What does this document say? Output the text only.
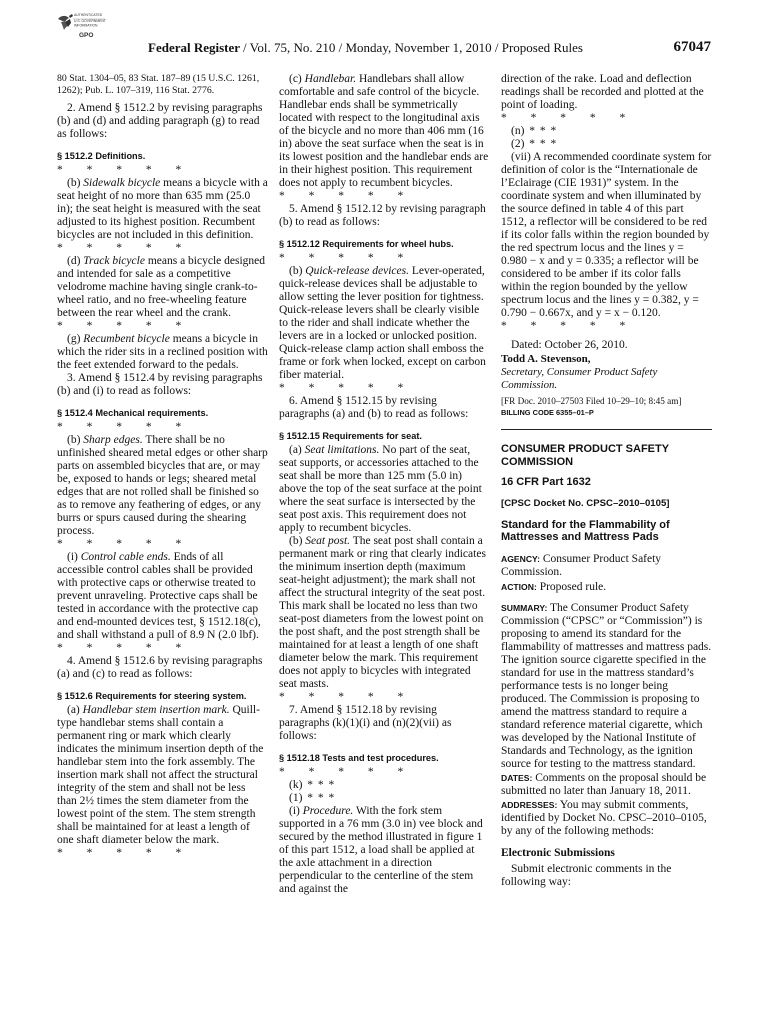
AUTHENTICATED
U.S. GOVERNMENT
INFORMATION
GPO
Federal Register / Vol. 75, No. 210 / Monday, November 1, 2010 / Proposed Rules	67047

80 Stat. 1304–05, 83 Stat. 187–89 (15 U.S.C. 1261, 1262); Pub. L. 107–319, 116 Stat. 2776.

2. Amend § 1512.2 by revising paragraphs (b) and (d) and adding paragraph (g) to read as follows:

§ 1512.2 Definitions.

* * * * *

(b) Sidewalk bicycle means a bicycle with a seat height of no more than 635 mm (25.0 in); the seat height is measured with the seat adjusted to its highest position. Recumbent bicycles are not included in this definition.

* * * * *

(d) Track bicycle means a bicycle designed and intended for sale as a competitive velodrome machine having single crank-to-wheel ratio, and no free-wheeling feature between the rear wheel and the crank.

* * * * *

(g) Recumbent bicycle means a bicycle in which the rider sits in a reclined position with the feet extended forward to the pedals.

3. Amend § 1512.4 by revising paragraphs (b) and (i) to read as follows:

§ 1512.4 Mechanical requirements.

* * * * *

(b) Sharp edges. There shall be no unfinished sheared metal edges or other sharp parts on assembled bicycles that are, or may be, exposed to hands or legs; sheared metal edges that are not rolled shall be finished so as to remove any feathering of edges, or any burrs or spurs caused during the shearing process.

* * * * *

(i) Control cable ends. Ends of all accessible control cables shall be provided with protective caps or otherwise treated to prevent unraveling. Protective caps shall be tested in accordance with the protective cap and end-mounted devices test, § 1512.18(c), and shall withstand a pull of 8.9 N (2.0 lbf).

* * * * *

4. Amend § 1512.6 by revising paragraphs (a) and (c) to read as follows:

§ 1512.6 Requirements for steering system.

(a) Handlebar stem insertion mark. Quill-type handlebar stems shall contain a permanent ring or mark which clearly indicates the minimum insertion depth of the handlebar stem into the fork assembly. The insertion mark shall not affect the structural integrity of the stem and shall not be less than 2½ times the stem diameter from the lowest point of the stem. The stem strength shall be maintained for at least a length of one shaft diameter below the mark.

* * * * *

(c) Handlebar. Handlebars shall allow comfortable and safe control of the bicycle. Handlebar ends shall be symmetrically located with respect to the longitudinal axis of the bicycle and no more than 406 mm (16 in) above the seat surface when the seat is in its lowest position and the handlebar ends are in their highest position. This requirement does not apply to recumbent bicycles.

* * * * *

5. Amend § 1512.12 by revising paragraph (b) to read as follows:

§ 1512.12 Requirements for wheel hubs.

* * * * *

(b) Quick-release devices. Lever-operated, quick-release devices shall be adjustable to allow setting the lever position for tightness. Quick-release levers shall be clearly visible to the rider and shall indicate whether the levers are in a locked or unlocked position. Quick-release clamp action shall emboss the frame or fork when locked, except on carbon fiber material.

* * * * *

6. Amend § 1512.15 by revising paragraphs (a) and (b) to read as follows:

§ 1512.15 Requirements for seat.

(a) Seat limitations. No part of the seat, seat supports, or accessories attached to the seat shall be more than 125 mm (5.0 in) above the top of the seat surface at the point where the seat surface is intersected by the seat post axis. This requirement does not apply to recumbent bicycles.

(b) Seat post. The seat post shall contain a permanent mark or ring that clearly indicates the minimum insertion depth (maximum seat-height adjustment); the mark shall not affect the structural integrity of the seat post. This mark shall be located no less than two seat-post diameters from the lowest point on the post shaft, and the post strength shall be maintained for at least a length of one shaft diameter below the mark. This requirement does not apply to bicycles with integrated seat masts.

* * * * *

7. Amend § 1512.18 by revising paragraphs (k)(1)(i) and (n)(2)(vii) as follows:

§ 1512.18 Tests and test procedures.

* * * * *

(k) * * *

(1) * * *

(i) Procedure. With the fork stem supported in a 76 mm (3.0 in) vee block and secured by the method illustrated in figure 1 of this part 1512, a load shall be applied at the axle attachment in a direction perpendicular to the centerline of the stem and against the

direction of the rake. Load and deflection readings shall be recorded and plotted at the point of loading.

* * * * *

(n) * * *

(2) * * *

(vii) A recommended coordinate system for definition of color is the “Internationale de l’Eclairage (CIE 1931)” system. In the coordinate system and when illuminated by the source defined in table 4 of this part 1512, a reflector will be considered to be red if its color falls within the region bounded by the red spectrum locus and the lines y = 0.980 − x and y = 0.335; a reflector will be considered to be amber if its color falls within the region bounded by the yellow spectrum locus and the lines y = 0.382, y = 0.790 − 0.667x, and y = x − 0.120.

* * * * *

Dated: October 26, 2010.

Todd A. Stevenson,

Secretary, Consumer Product Safety Commission.

[FR Doc. 2010–27503 Filed 10–29–10; 8:45 am]

BILLING CODE 6355–01–P

CONSUMER PRODUCT SAFETY COMMISSION

16 CFR Part 1632

[CPSC Docket No. CPSC–2010–0105]

Standard for the Flammability of Mattresses and Mattress Pads

AGENCY: Consumer Product Safety Commission.

ACTION: Proposed rule.

SUMMARY: The Consumer Product Safety Commission (“CPSC” or “Commission”) is proposing to amend its standard for the flammability of mattresses and mattress pads. The ignition source cigarette specified in the standard for use in the mattress standard’s performance tests is no longer being produced. The Commission is proposing to amend the mattress standard to require a standard reference material cigarette, which was developed by the National Institute of Standards and Technology, as the ignition source for testing to the mattress standard.

DATES: Comments on the proposal should be submitted no later than January 18, 2011.

ADDRESSES: You may submit comments, identified by Docket No. CPSC–2010–0105, by any of the following methods:

Electronic Submissions

Submit electronic comments in the following way:
